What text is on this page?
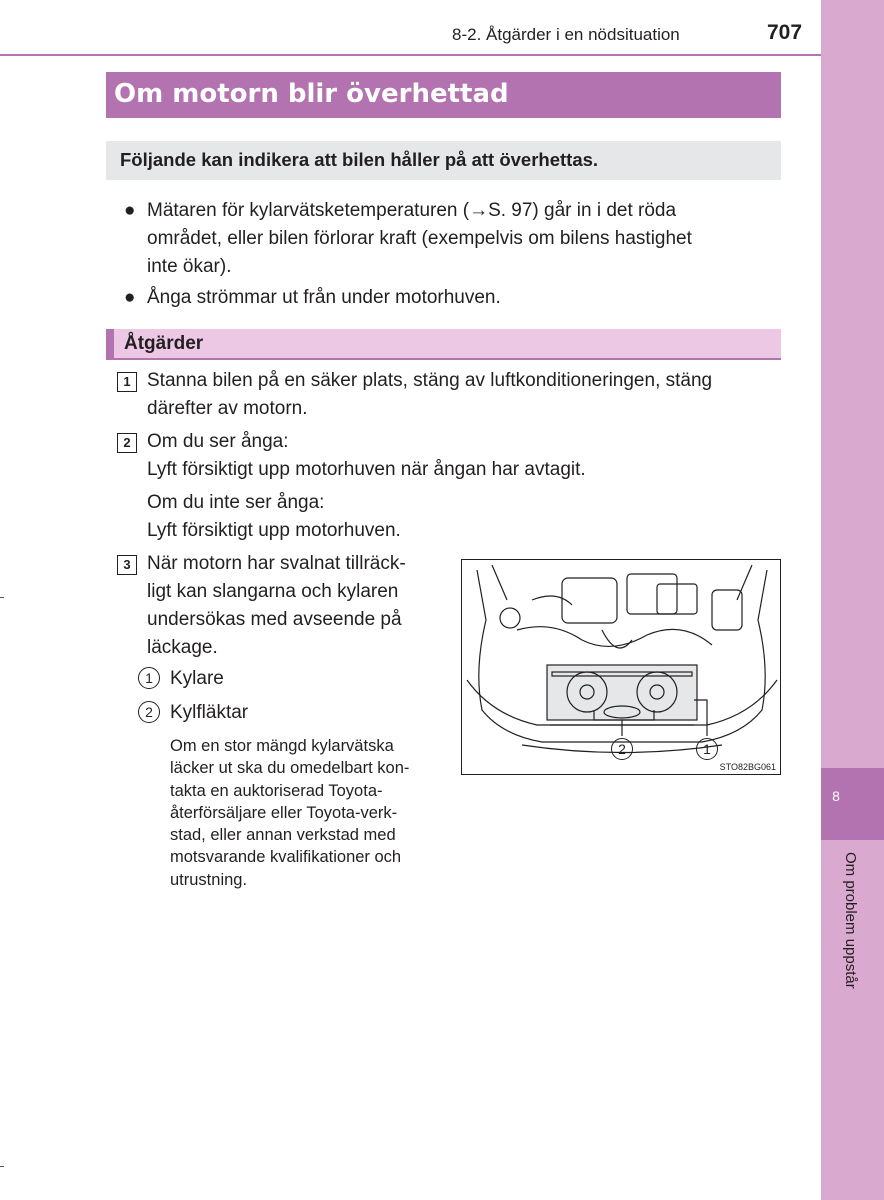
8
Om problem uppstår
8-2. Åtgärder i en nödsituation	707
Om motorn blir överhettad
Följande kan indikera att bilen håller på att överhettas.
● Mätaren för kylarvätsketemperaturen (→S. 97) går in i det röda
området, eller bilen förlorar kraft (exempelvis om bilens hastighet
inte ökar).
● Ånga strömmar ut från under motorhuven.
Åtgärder
1 Stanna bilen på en säker plats, stäng av luftkonditioneringen, stäng
därefter av motorn.
2 Om du ser ånga:
Lyft försiktigt upp motorhuven när ångan har avtagit.
Om du inte ser ånga:
Lyft försiktigt upp motorhuven.
3 När motorn har svalnat tillräck-
ligt kan slangarna och kylaren
undersökas med avseende på
läckage.
1 Kylare
2 Kylfläktar
Om en stor mängd kylarvätska
läcker ut ska du omedelbart kon-
takta en auktoriserad Toyota-
återförsäljare eller Toyota-verk-
stad, eller annan verkstad med
motsvarande kvalifikationer och
utrustning.
2	1
STO82BG061
